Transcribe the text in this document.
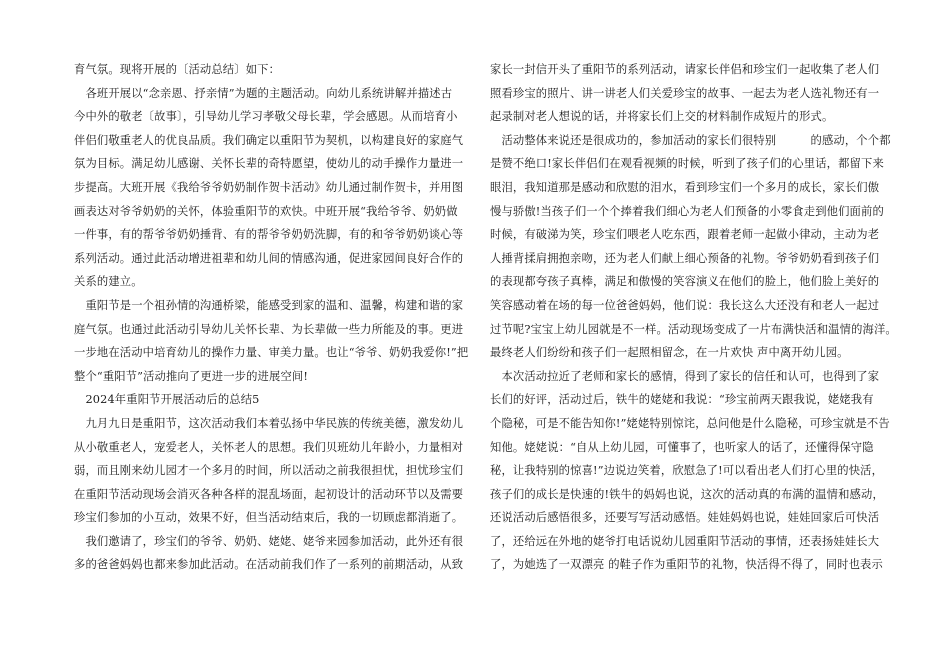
育气氛。现将开展的〔活动总结〕如下：
　各班开展以“念亲恩、抒亲情”为题的主题活动。向幼儿系统讲解并描述古
今中外的敬老〔故事〕，引导幼儿学习孝敬父母长辈，学会感恩。从而培育小
伴侣们敬重老人的优良品质。我们确定以重阳节为契机，以构建良好的家庭气
氛为目标。满足幼儿感谢、关怀长辈的奇特愿望，使幼儿的动手操作力量进一
步提高。大班开展《我给爷爷奶奶制作贺卡活动》幼儿通过制作贺卡，并用图
画表达对爷爷奶奶的关怀，体验重阳节的欢快。中班开展“我给爷爷、奶奶做
一件事，有的帮爷爷奶奶捶背、有的帮爷爷奶奶洗脚，有的和爷爷奶奶谈心等
系列活动。通过此活动增进祖辈和幼儿间的情感沟通，促进家园间良好合作的
关系的建立。
　重阳节是一个祖孙情的沟通桥梁，能感受到家的温和、温馨，构建和谐的家
庭气氛。也通过此活动引导幼儿关怀长辈、为长辈做一些力所能及的事。更进
一步地在活动中培育幼儿的操作力量、审美力量。也让“爷爷、奶奶我爱你!”把
整个“重阳节”活动推向了更进一步的进展空间!
　2024年重阳节开展活动后的总结5
　九月九日是重阳节，这次活动我们本着弘扬中华民族的传统美德，激发幼儿
从小敬重老人，宠爱老人，关怀老人的思想。我们贝班幼儿年龄小，力量相对
弱，而且刚来幼儿园才一个多月的时间，所以活动之前我很担忧，担忧珍宝们
在重阳节活动现场会消灭各种各样的混乱场面，起初设计的活动环节以及需要
珍宝们参加的小互动，效果不好，但当活动结束后，我的一切顾虑都消逝了。
　我们邀请了，珍宝们的爷爷、奶奶、姥姥、姥爷来园参加活动，此外还有很
多的爸爸妈妈也都来参加此活动。在活动前我们作了一系列的前期活动，从致
家长一封信开头了重阳节的系列活动，请家长伴侣和珍宝们一起收集了老人们
照看珍宝的照片、讲一讲老人们关爱珍宝的故事、一起去为老人选礼物还有一
起录制对老人想说的话，并将家长们上交的材料制作成短片的形式。
　活动整体来说还是很成功的，参加活动的家长们很特别　　　的感动，个个都
是赞不绝口!家长伴侣们在观看视频的时候，听到了孩子们的心里话，都留下来
眼泪，我知道那是感动和欣慰的泪水，看到珍宝们一个多月的成长，家长们傲
慢与骄傲!当孩子们一个个捧着我们细心为老人们预备的小零食走到他们面前的
时候，有破涕为笑，珍宝们喂老人吃东西，跟着老师一起做小律动，主动为老
人捶背揉肩拥抱亲吻，还为老人们献上细心预备的礼物。爷爷奶奶看到孩子们
的表现都夸孩子真棒，满足和傲慢的笑容演义在他们的脸上，他们脸上美好的
笑容感动着在场的每一位爸爸妈妈，他们说：我长这么大还没有和老人一起过
过节呢?宝宝上幼儿园就是不一样。活动现场变成了一片布满快活和温情的海洋。
最终老人们纷纷和孩子们一起照相留念，在一片欢快 声中离开幼儿园。
　本次活动拉近了老师和家长的感情，得到了家长的信任和认可，也得到了家
长们的好评，活动过后，铁牛的姥姥和我说：“珍宝前两天跟我说，姥姥我有
个隐秘，可是不能告知你!”姥姥特别惊诧，总问他是什么隐秘，可珍宝就是不告
知他。姥姥说：“自从上幼儿园，可懂事了，也听家人的话了，还懂得保守隐
秘，让我特别的惊喜!”边说边笑着，欣慰急了!可以看出老人们打心里的快活，
孩子们的成长是快速的!铁牛的妈妈也说，这次的活动真的布满的温情和感动，
还说活动后感悟很多，还要写写活动感悟。娃娃妈妈也说，娃娃回家后可快活
了，还给远在外地的姥爷打电话说幼儿园重阳节活动的事情，还表扬娃娃长大
了，为她选了一双漂亮 的鞋子作为重阳节的礼物，快活得不得了，同时也表示
